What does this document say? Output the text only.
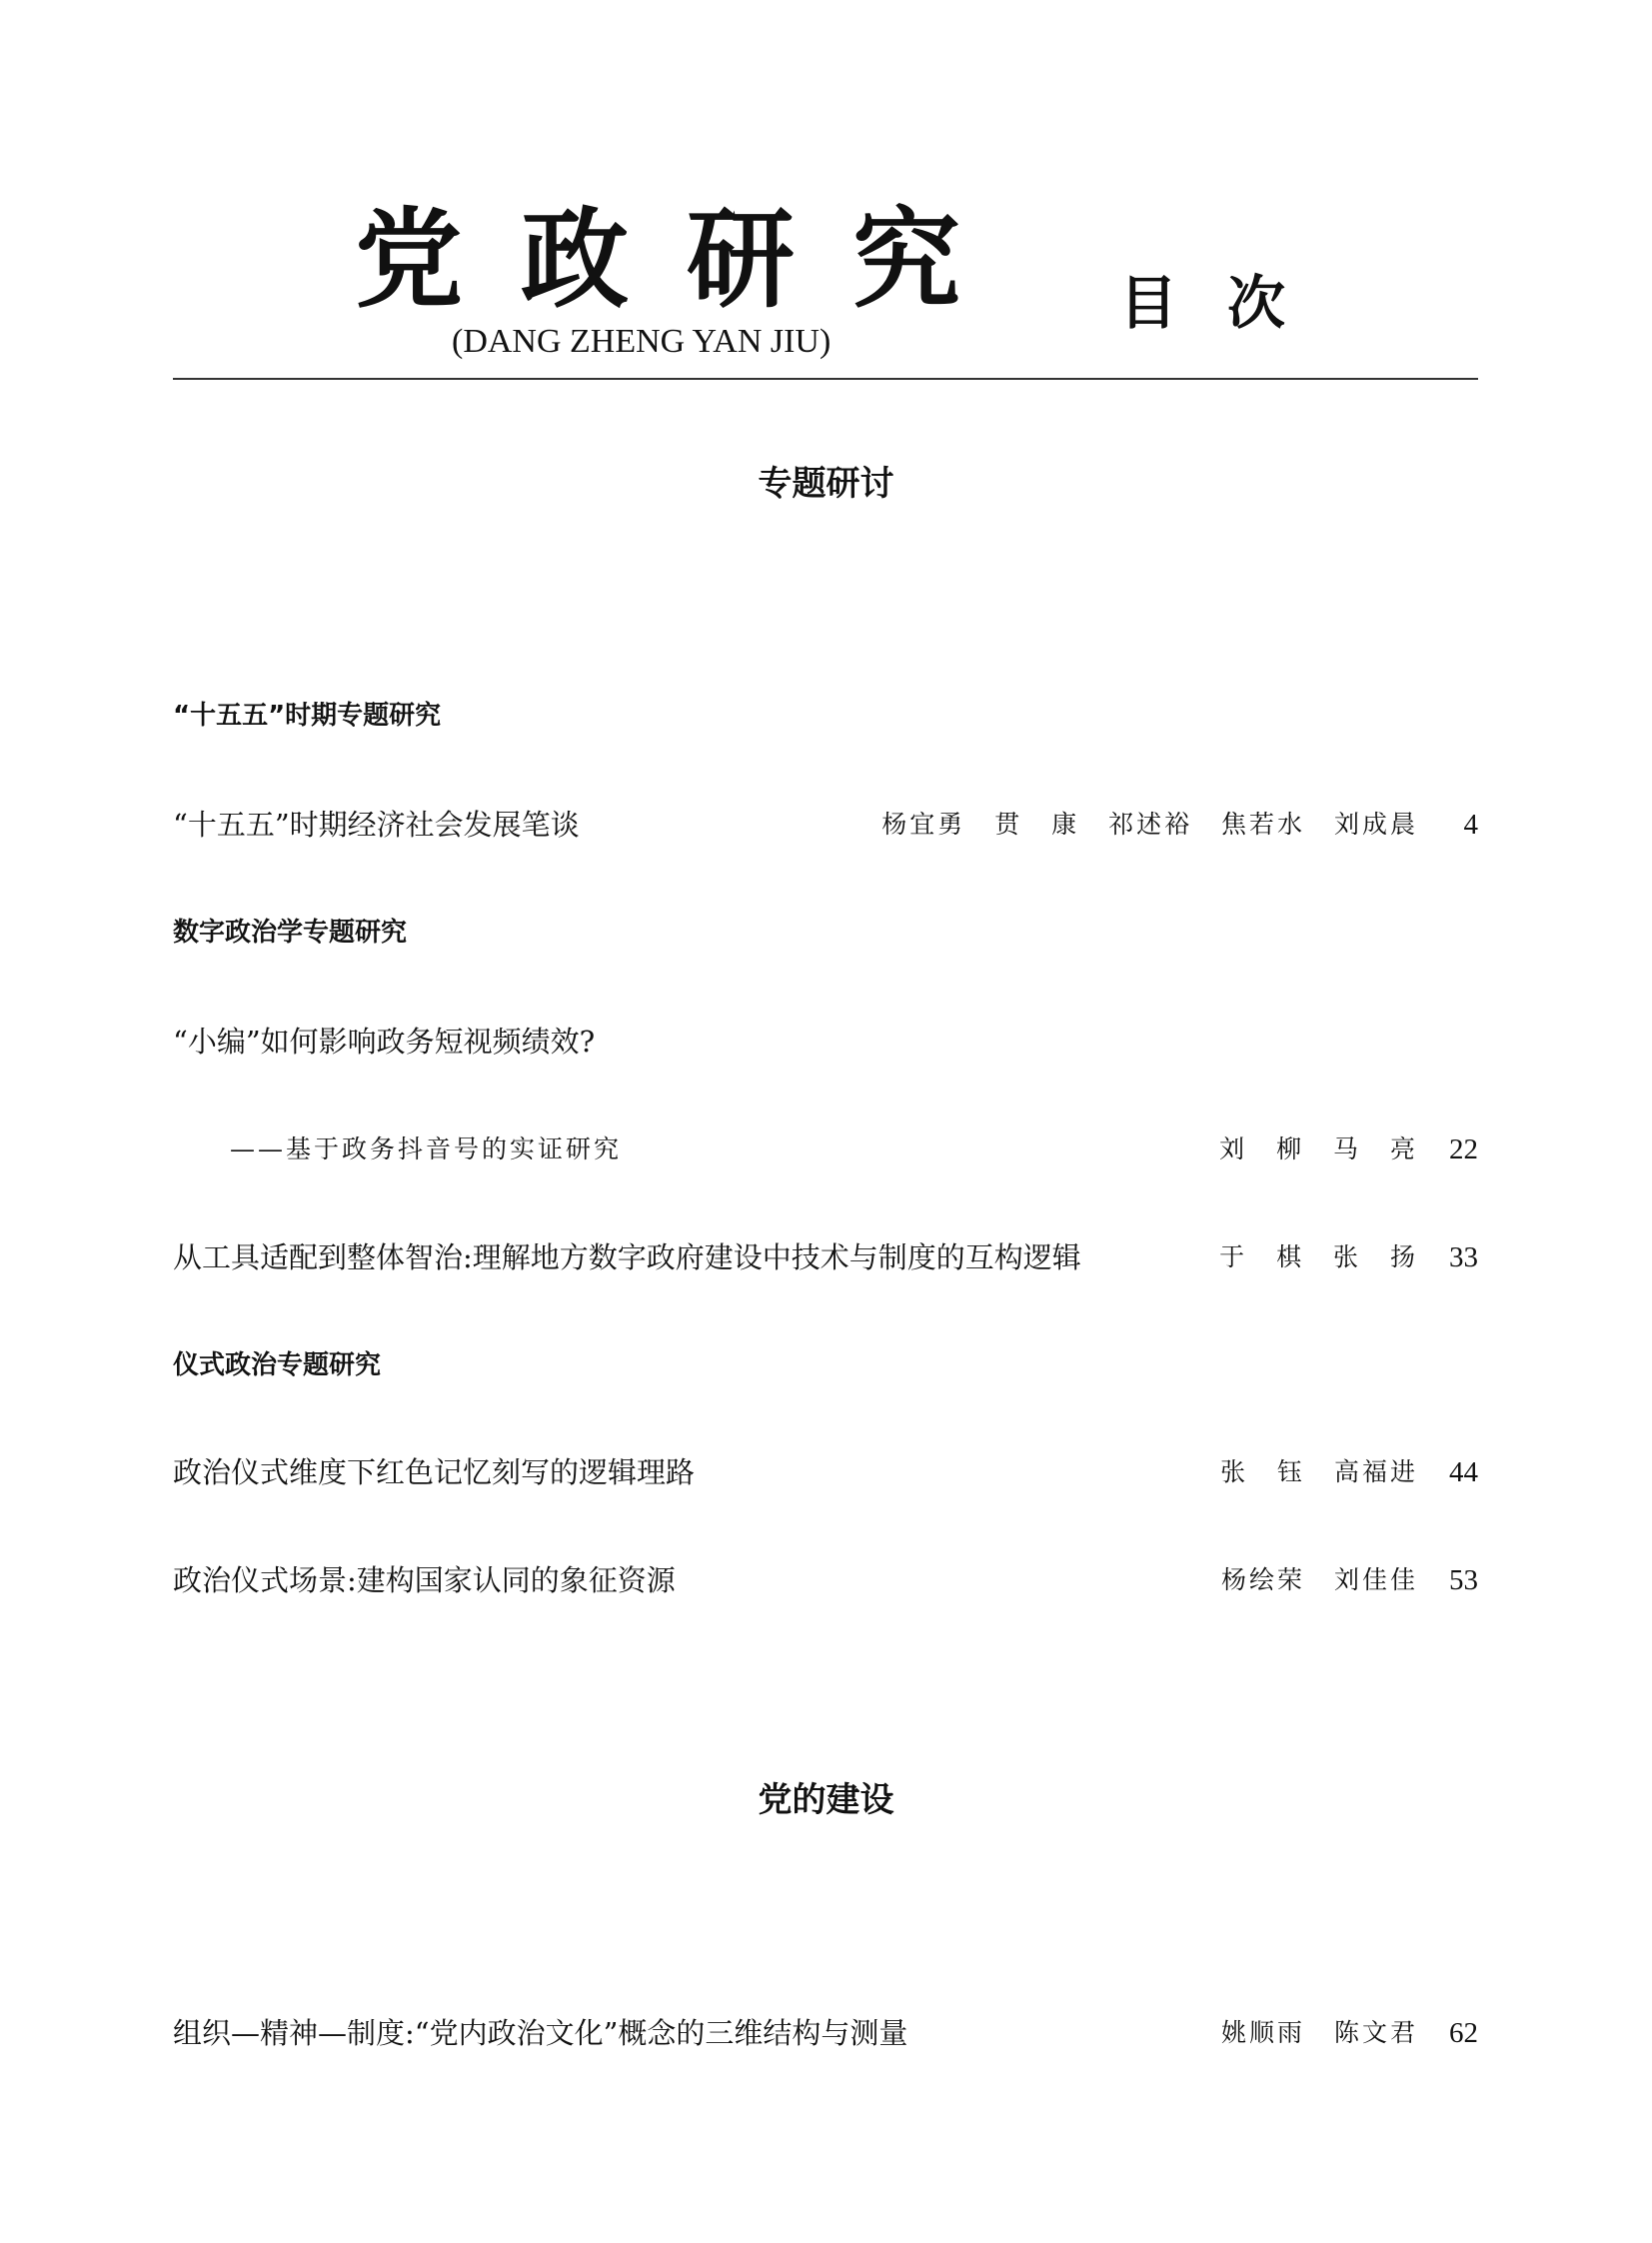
党政研究
(DANG ZHENG YAN JIU)
目次
专题研讨
“十五五”时期专题研究
“十五五”时期经济社会发展笔谈	杨宜勇 贯 康 祁述裕 焦若水 刘成晨	4
数字政治学专题研究
“小编”如何影响政务短视频绩效?
——基于政务抖音号的实证研究	刘 柳 马 亮	22
从工具适配到整体智治:理解地方数字政府建设中技术与制度的互构逻辑	于 棋 张 扬	33
仪式政治专题研究
政治仪式维度下红色记忆刻写的逻辑理路	张 钰 高福进	44
政治仪式场景:建构国家认同的象征资源	杨绘荣 刘佳佳	53
党的建设
组织—精神—制度:“党内政治文化”概念的三维结构与测量	姚顺雨 陈文君	62
